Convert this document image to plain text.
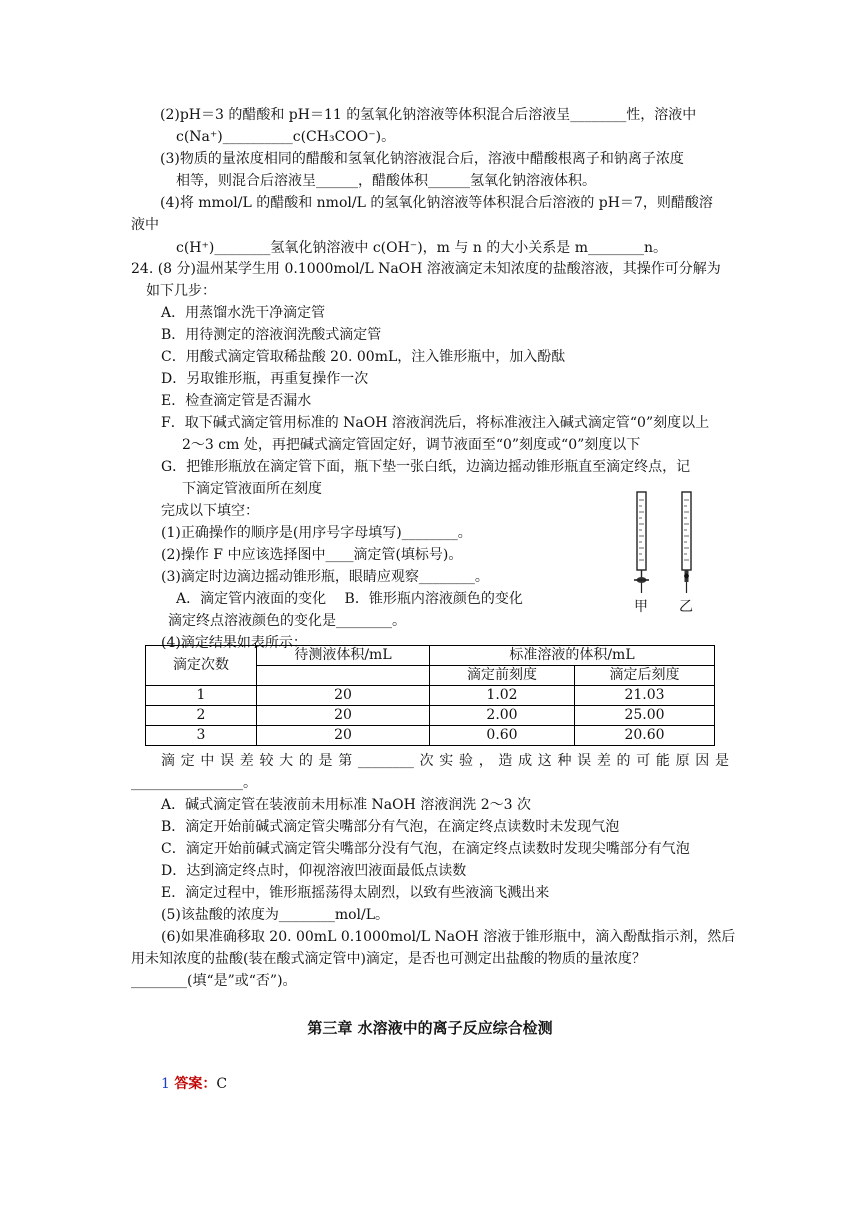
(2)pH＝3 的醋酸和 pH＝11 的氢氧化钠溶液等体积混合后溶液呈________性，溶液中
c(Na⁺)__________c(CH₃COO⁻)。
(3)物质的量浓度相同的醋酸和氢氧化钠溶液混合后，溶液中醋酸根离子和钠离子浓度
相等，则混合后溶液呈______，醋酸体积______氢氧化钠溶液体积。
(4)将 mmol/L 的醋酸和 nmol/L 的氢氧化钠溶液等体积混合后溶液的 pH＝7，则醋酸溶
液中
c(H⁺)________氢氧化钠溶液中 c(OH⁻)，m 与 n 的大小关系是 m________n。
24. (8 分)温州某学生用 0.1000mol/L NaOH 溶液滴定未知浓度的盐酸溶液，其操作可分解为
如下几步：
A．用蒸馏水洗干净滴定管
B．用待测定的溶液润洗酸式滴定管
C．用酸式滴定管取稀盐酸 20. 00mL，注入锥形瓶中，加入酚酞
D．另取锥形瓶，再重复操作一次
E．检查滴定管是否漏水
F．取下碱式滴定管用标准的 NaOH 溶液润洗后，将标准液注入碱式滴定管“0”刻度以上
2～3 cm 处，再把碱式滴定管固定好，调节液面至“0”刻度或“0”刻度以下
G．把锥形瓶放在滴定管下面，瓶下垫一张白纸，边滴边摇动锥形瓶直至滴定终点，记
下滴定管液面所在刻度
完成以下填空：
(1)正确操作的顺序是(用序号字母填写)________。
(2)操作 F 中应该选择图中____滴定管(填标号)。
(3)滴定时边滴边摇动锥形瓶，眼睛应观察________。
A．滴定管内液面的变化　 B．锥形瓶内溶液颜色的变化
滴定终点溶液颜色的变化是________。
(4)滴定结果如表所示：
甲 乙
滴定次数	待测液体积/mL	标准溶液的体积/mL	
		滴定前刻度	滴定后刻度
1	20	1.02	21.03
2	20	2.00	25.00
3	20	0.60	20.60
滴定中误差较大的是第________次实验，造成这种误差的可能原因是
________________。
A．碱式滴定管在装液前未用标准 NaOH 溶液润洗 2～3 次
B．滴定开始前碱式滴定管尖嘴部分有气泡，在滴定终点读数时未发现气泡
C．滴定开始前碱式滴定管尖嘴部分没有气泡，在滴定终点读数时发现尖嘴部分有气泡
D．达到滴定终点时，仰视溶液凹液面最低点读数
E．滴定过程中，锥形瓶摇荡得太剧烈，以致有些液滴飞溅出来
(5)该盐酸的浓度为________mol/L。
(6)如果准确移取 20. 00mL 0.1000mol/L NaOH 溶液于锥形瓶中，滴入酚酞指示剂，然后
用未知浓度的盐酸(装在酸式滴定管中)滴定，是否也可测定出盐酸的物质的量浓度？
________(填“是”或“否”)。
第三章 水溶液中的离子反应综合检测
1 答案：C
